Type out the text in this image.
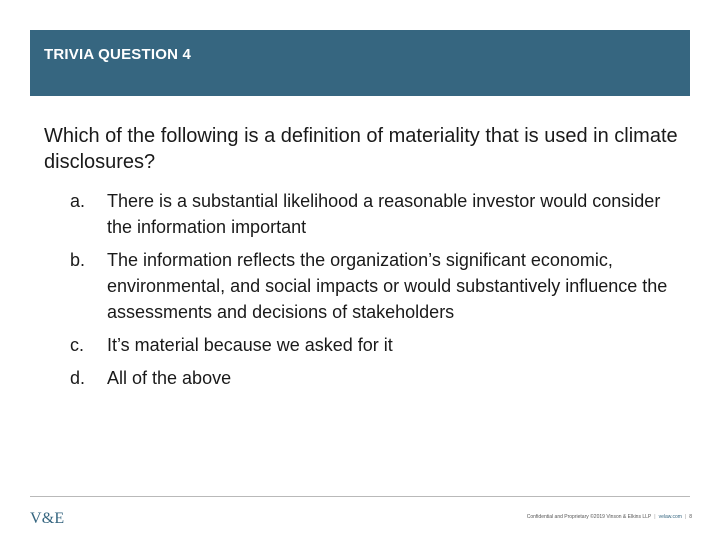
TRIVIA QUESTION 4
Which of the following is a definition of materiality that is used in climate disclosures?
a.	There is a substantial likelihood a reasonable investor would consider the information important
b.	The information reflects the organization’s significant economic, environmental, and social impacts or would substantively influence the assessments and decisions of stakeholders
c.	It’s material because we asked for it
d.	All of the above
V&E	Confidential and Proprietary ©2019 Vinson & Elkins LLP | velaw.com | 8
